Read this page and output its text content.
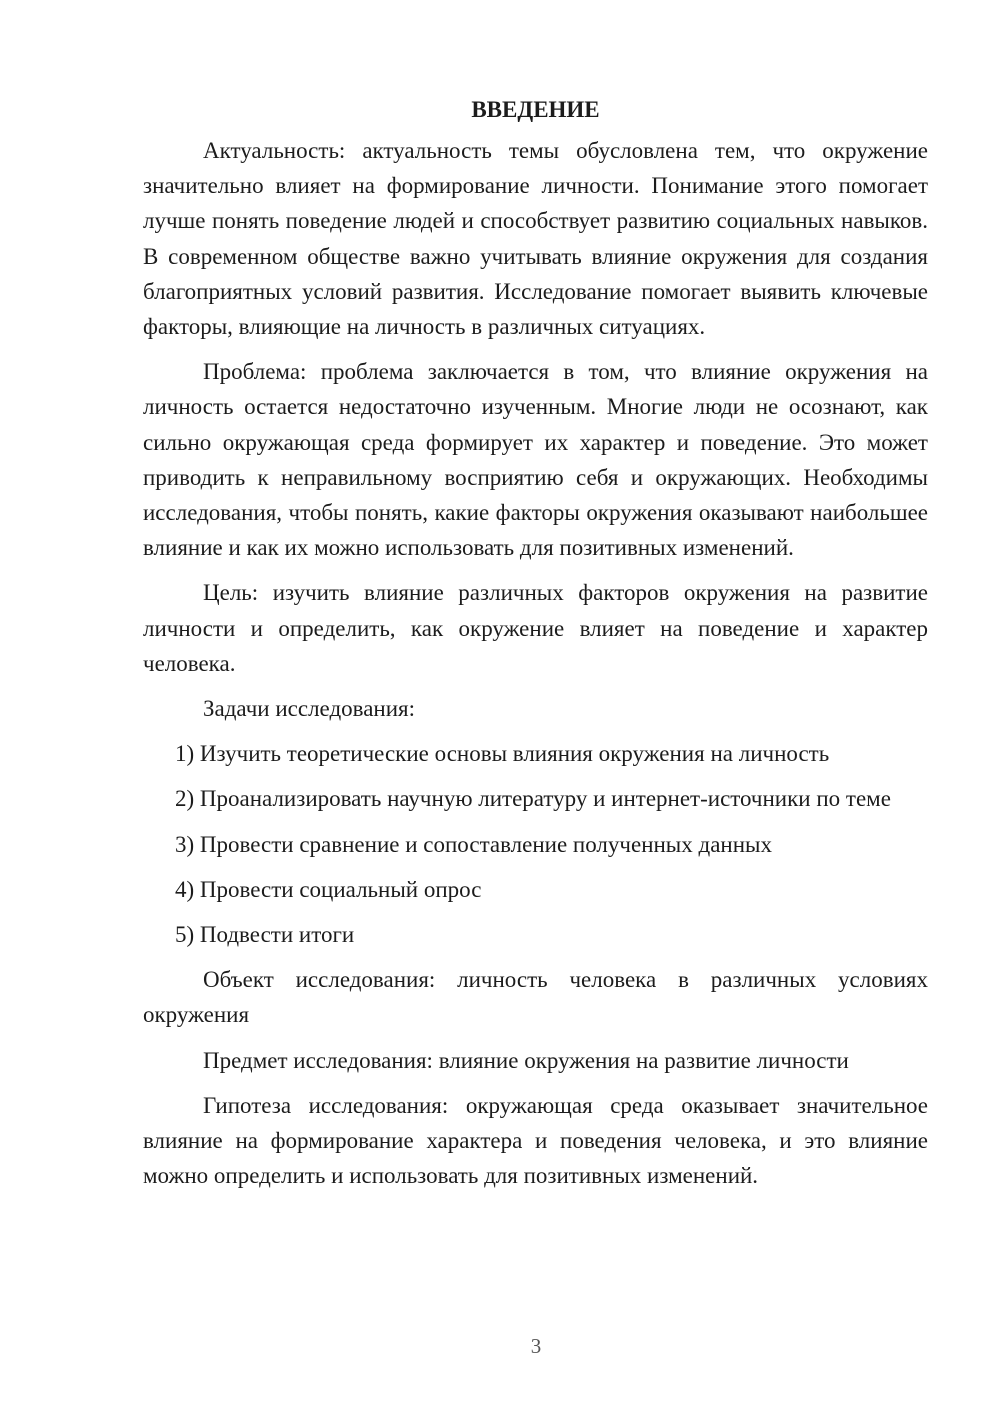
ВВЕДЕНИЕ

Актуальность: актуальность темы обусловлена тем, что окружение значительно влияет на формирование личности. Понимание этого помогает лучше понять поведение людей и способствует развитию социальных навыков. В современном обществе важно учитывать влияние окружения для создания благоприятных условий развития. Исследование помогает выявить ключевые факторы, влияющие на личность в различных ситуациях.

Проблема: проблема заключается в том, что влияние окружения на личность остается недостаточно изученным. Многие люди не осознают, как сильно окружающая среда формирует их характер и поведение. Это может приводить к неправильному восприятию себя и окружающих. Необходимы исследования, чтобы понять, какие факторы окружения оказывают наибольшее влияние и как их можно использовать для позитивных изменений.

Цель: изучить влияние различных факторов окружения на развитие личности и определить, как окружение влияет на поведение и характер человека.

Задачи исследования:

1) Изучить теоретические основы влияния окружения на личность

2) Проанализировать научную литературу и интернет-источники по теме

3) Провести сравнение и сопоставление полученных данных

4) Провести социальный опрос

5) Подвести итоги

Объект исследования: личность человека в различных условиях окружения

Предмет исследования: влияние окружения на развитие личности

Гипотеза исследования: окружающая среда оказывает значительное влияние на формирование характера и поведения человека, и это влияние можно определить и использовать для позитивных изменений.

3
